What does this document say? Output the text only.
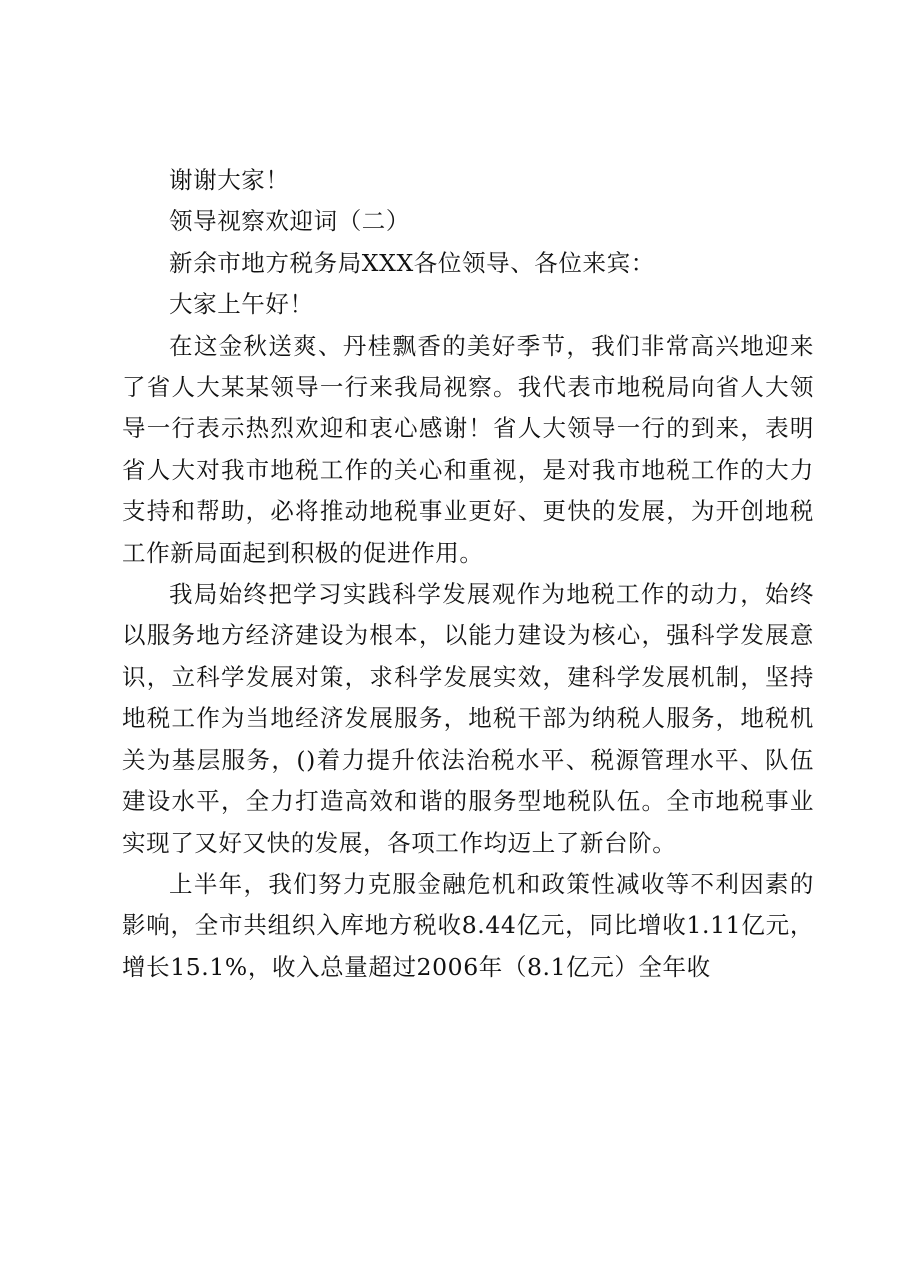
谢谢大家！

领导视察欢迎词（二）

新余市地方税务局XXX各位领导、各位来宾：

大家上午好！

在这金秋送爽、丹桂飘香的美好季节，我们非常高兴地迎来了省人大某某领导一行来我局视察。我代表市地税局向省人大领导一行表示热烈欢迎和衷心感谢！省人大领导一行的到来，表明省人大对我市地税工作的关心和重视，是对我市地税工作的大力支持和帮助，必将推动地税事业更好、更快的发展，为开创地税工作新局面起到积极的促进作用。

我局始终把学习实践科学发展观作为地税工作的动力，始终以服务地方经济建设为根本，以能力建设为核心，强科学发展意识，立科学发展对策，求科学发展实效，建科学发展机制，坚持地税工作为当地经济发展服务，地税干部为纳税人服务，地税机关为基层服务，()着力提升依法治税水平、税源管理水平、队伍建设水平，全力打造高效和谐的服务型地税队伍。全市地税事业实现了又好又快的发展，各项工作均迈上了新台阶。

上半年，我们努力克服金融危机和政策性减收等不利因素的影响，全市共组织入库地方税收8.44亿元，同比增收1.11亿元，增长15.1%，收入总量超过2006年（8.1亿元）全年收
